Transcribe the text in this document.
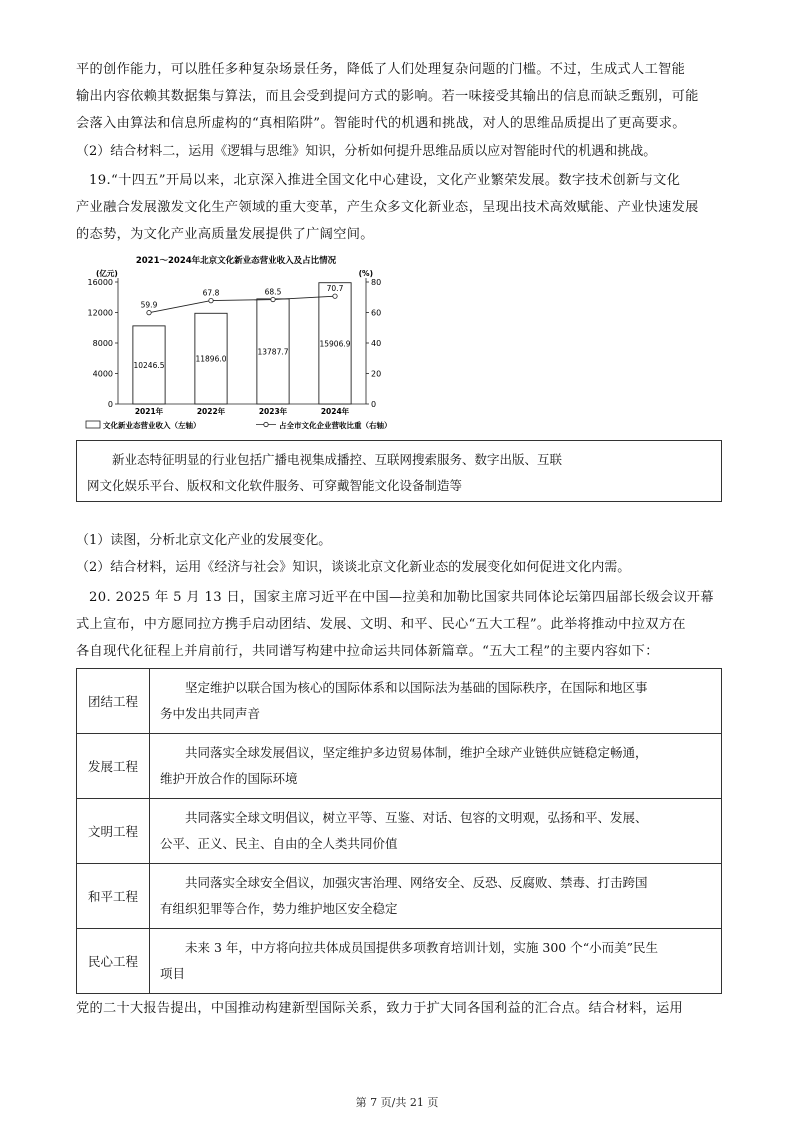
平的创作能力，可以胜任多种复杂场景任务，降低了人们处理复杂问题的门槛。不过，生成式人工智能
输出内容依赖其数据集与算法，而且会受到提问方式的影响。若一味接受其输出的信息而缺乏甄别，可能
会落入由算法和信息所虚构的“真相陷阱”。智能时代的机遇和挑战，对人的思维品质提出了更高要求。
（2）结合材料二，运用《逻辑与思维》知识，分析如何提升思维品质以应对智能时代的机遇和挑战。
19.“十四五”开局以来，北京深入推进全国文化中心建设，文化产业繁荣发展。数字技术创新与文化
产业融合发展激发文化生产领域的重大变革，产生众多文化新业态，呈现出技术高效赋能、产业快速发展
的态势，为文化产业高质量发展提供了广阔空间。
2021～2024年北京文化新业态营业收入及占比情况
(亿元)	(%)
0
4000
8000
12000
16000
0
20
40
60
80
2021年	2022年	2023年	2024年
10246.5
11896.0
13787.7
15906.9
59.9
67.8	68.5	70.7
文化新业态营业收入（左轴）	占全市文化企业营收比重（右轴）
新业态特征明显的行业包括广播电视集成播控、互联网搜索服务、数字出版、互联
网文化娱乐平台、版权和文化软件服务、可穿戴智能文化设备制造等
（1）读图，分析北京文化产业的发展变化。
（2）结合材料，运用《经济与社会》知识，谈谈北京文化新业态的发展变化如何促进文化内需。
20. 2025 年 5 月 13 日，国家主席习近平在中国—拉美和加勒比国家共同体论坛第四届部长级会议开幕
式上宣布，中方愿同拉方携手启动团结、发展、文明、和平、民心“五大工程”。此举将推动中拉双方在
各自现代化征程上并肩前行，共同谱写构建中拉命运共同体新篇章。“五大工程”的主要内容如下：
团结工程	坚定维护以联合国为核心的国际体系和以国际法为基础的国际秩序，在国际和地区事
务中发出共同声音

发展工程	共同落实全球发展倡议，坚定维护多边贸易体制，维护全球产业链供应链稳定畅通，
维护开放合作的国际环境

文明工程	共同落实全球文明倡议，树立平等、互鉴、对话、包容的文明观，弘扬和平、发展、
公平、正义、民主、自由的全人类共同价值

和平工程	共同落实全球安全倡议，加强灾害治理、网络安全、反恐、反腐败、禁毒、打击跨国
有组织犯罪等合作，势力维护地区安全稳定

民心工程	未来 3 年，中方将向拉共体成员国提供多项教育培训计划，实施 300 个“小而美”民生
项目
党的二十大报告提出，中国推动构建新型国际关系，致力于扩大同各国利益的汇合点。结合材料，运用
第 7 页/共 21 页
